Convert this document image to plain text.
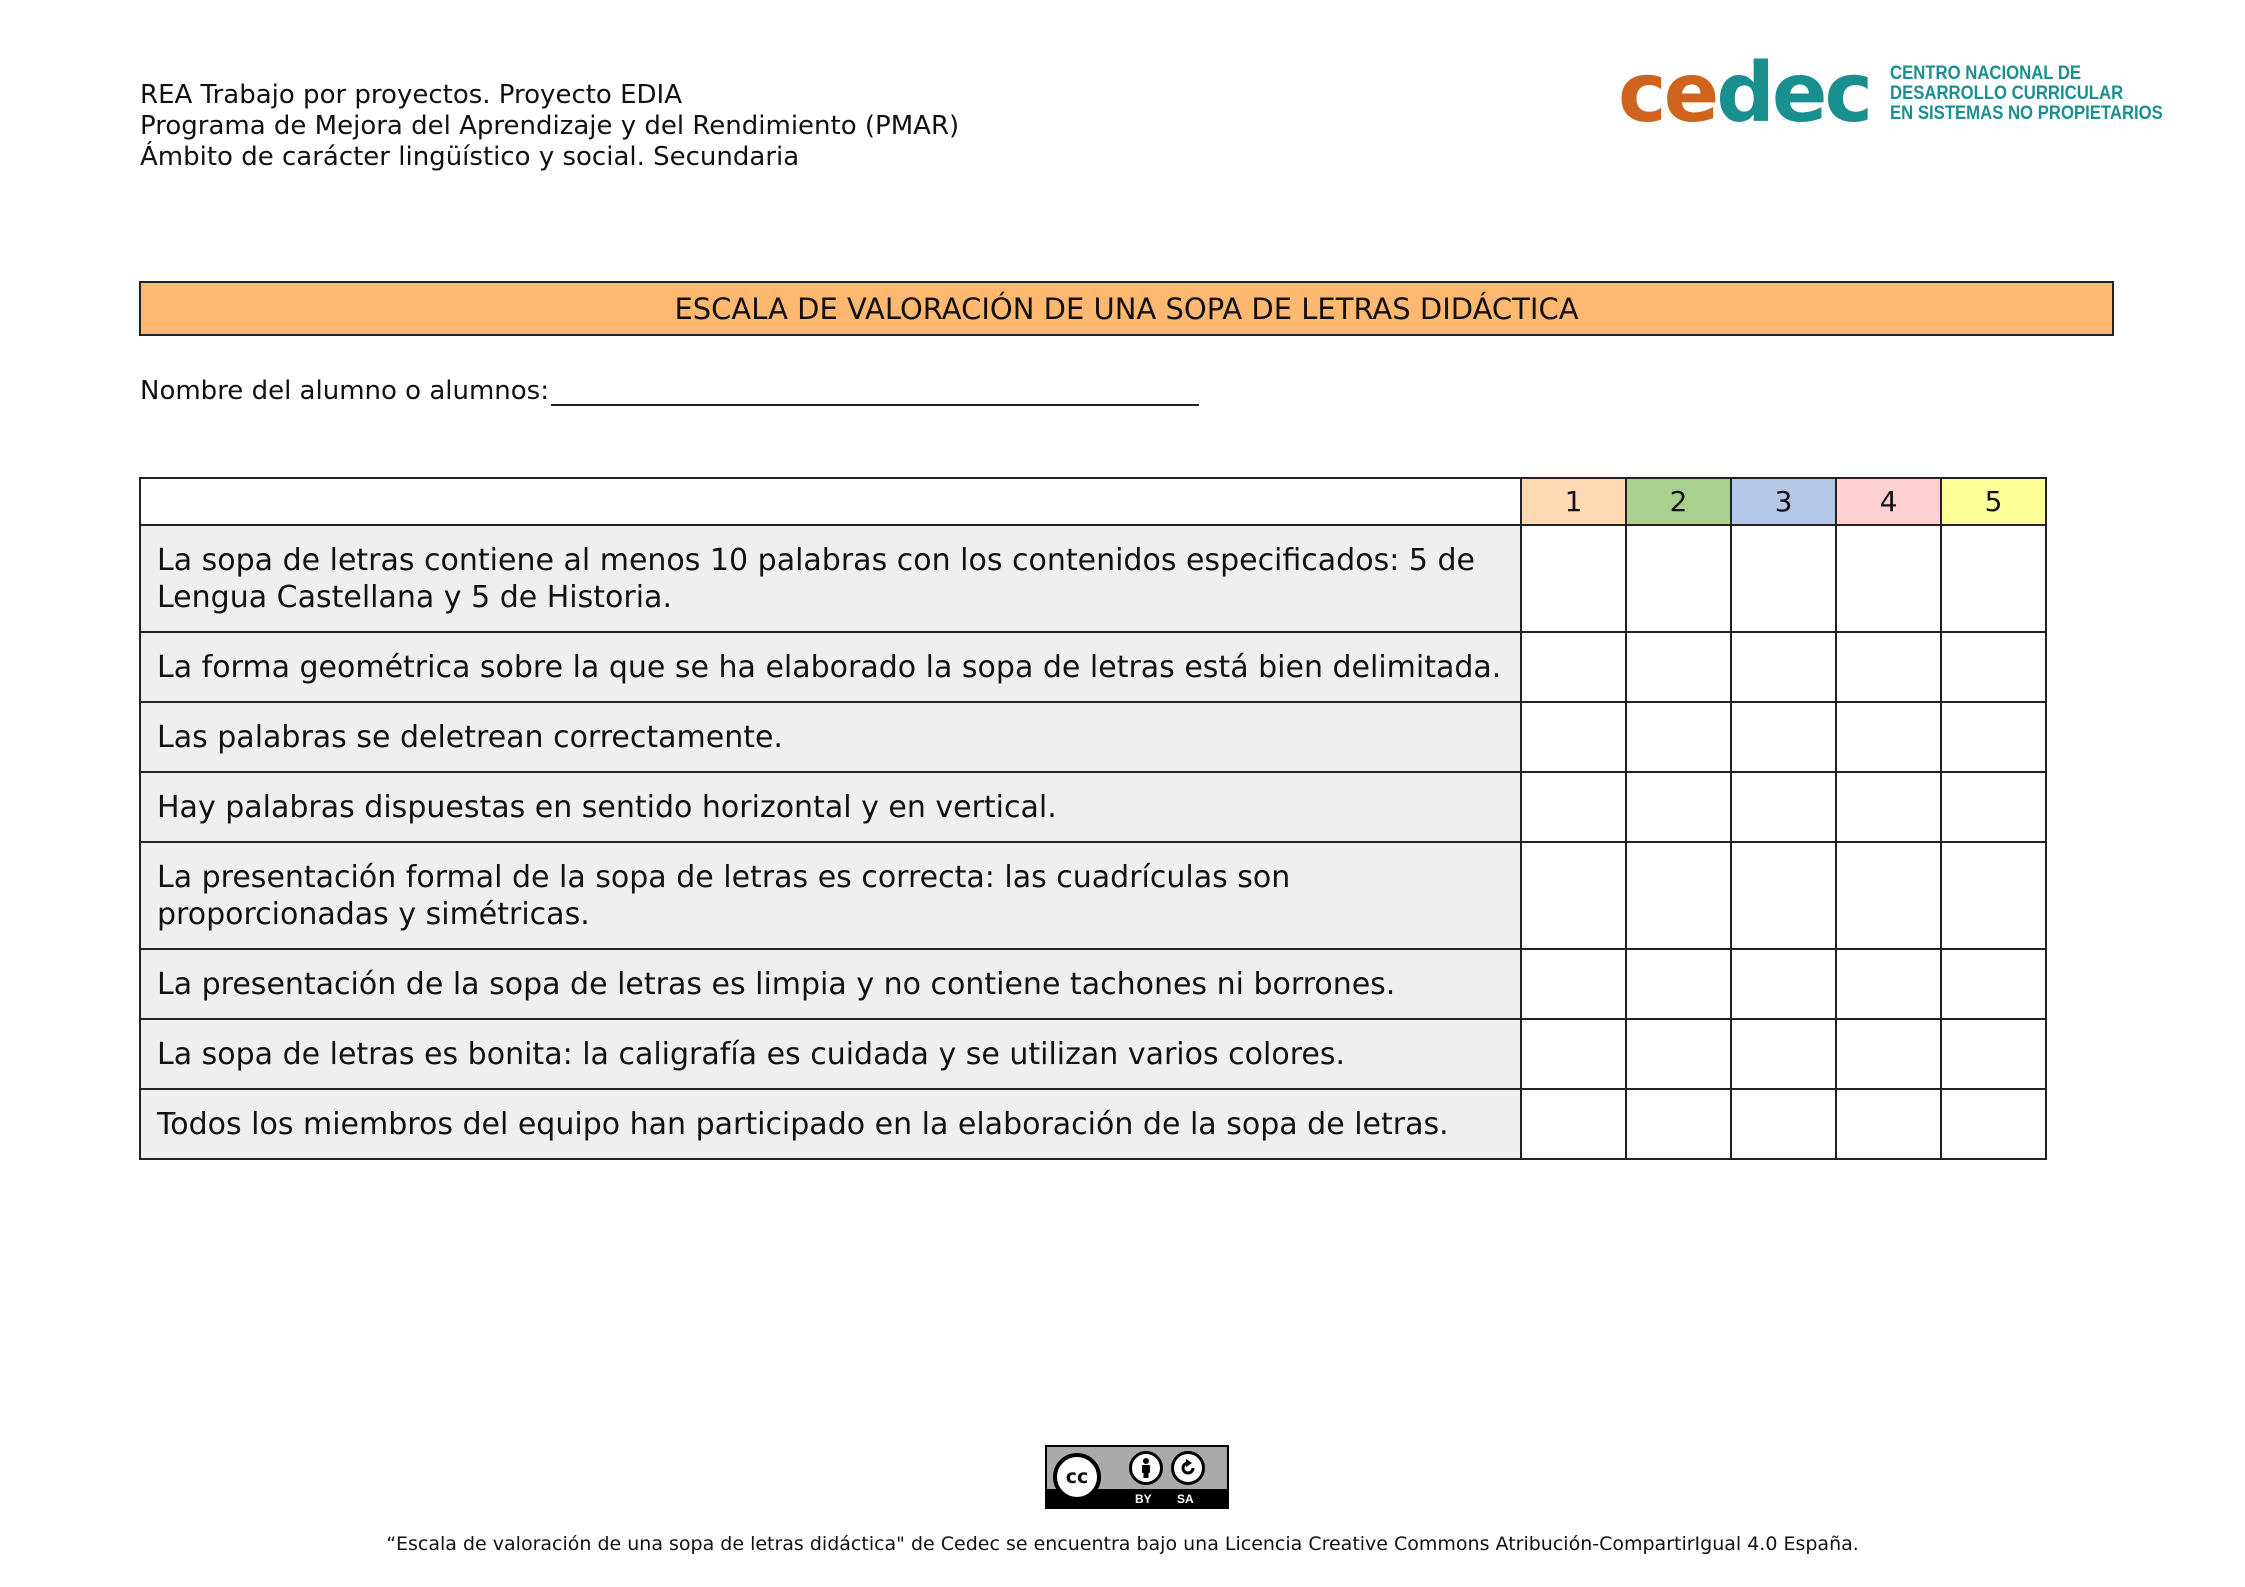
REA Trabajo por proyectos. Proyecto EDIA
Programa de Mejora del Aprendizaje y del Rendimiento (PMAR)
Ámbito de carácter lingüístico y social. Secundaria
cedec CENTRO NACIONAL DE
DESARROLLO CURRICULAR
EN SISTEMAS NO PROPIETARIOS
ESCALA DE VALORACIÓN DE UNA SOPA DE LETRAS DIDÁCTICA
Nombre del alumno o alumnos:
	1	2	3	4	5
La sopa de letras contiene al menos 10 palabras con los contenidos especificados: 5 de Lengua Castellana y 5 de Historia.					
La forma geométrica sobre la que se ha elaborado la sopa de letras está bien delimitada.					
Las palabras se deletrean correctamente.					
Hay palabras dispuestas en sentido horizontal y en vertical.					
La presentación formal de la sopa de letras es correcta: las cuadrículas son proporcionadas y simétricas.					
La presentación de la sopa de letras es limpia y no contiene tachones ni borrones.					
La sopa de letras es bonita: la caligrafía es cuidada y se utilizan varios colores.					
Todos los miembros del equipo han participado en la elaboración de la sopa de letras.					
cc
BY SA
“Escala de valoración de una sopa de letras didáctica" de Cedec se encuentra bajo una Licencia Creative Commons Atribución-CompartirIgual 4.0 España.
